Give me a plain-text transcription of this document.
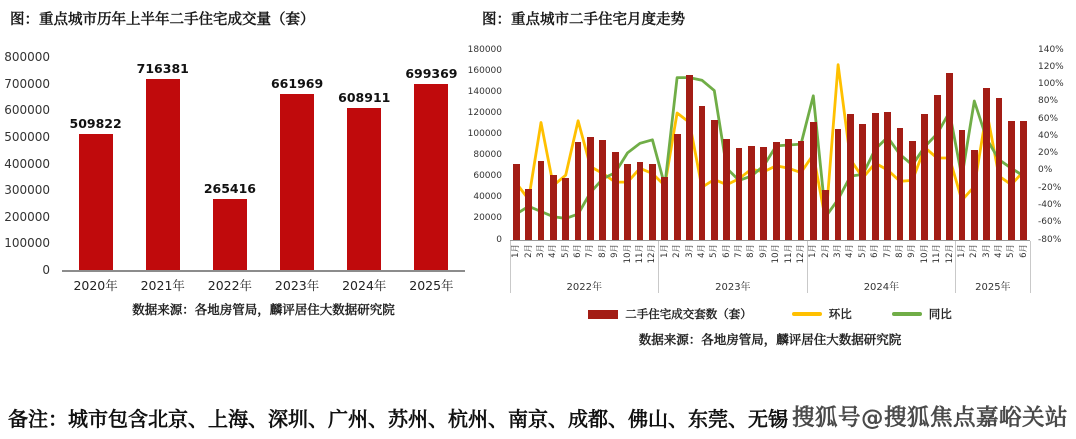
图：重点城市历年上半年二手住宅成交量（套）
0
100000
200000
300000
400000
500000
600000
700000
800000
509822
716381
265416
661969
608911
699369
2020年	2021年	2022年	2023年	2024年	2025年
数据来源：各地房管局，麟评居住大数据研究院
图：重点城市二手住宅月度走势
0
20000
40000
60000
80000
100000
120000
140000
160000
180000	140%
120%
100%
80%
60%
40%
20%
0%
-20%
-40%
-60%
-80%
1月 2月 3月 4月 5月 6月 7月 8月 9月 10月 11月 12月 1月 2月 3月 4月 5月 6月 7月 8月 9月 10月 11月 12月 1月 2月 3月 4月 5月 6月 7月 8月 9月 10月 11月 12月 1月 2月 3月 4月 5月 6月
2022年	2023年	2024年	2025年
二手住宅成交套数（套）	环比	同比
数据来源：各地房管局，麟评居住大数据研究院
备注：城市包含北京、上海、深圳、广州、苏州、杭州、南京、成都、佛山、东莞、无锡 搜狐号@搜狐焦点嘉峪关站
